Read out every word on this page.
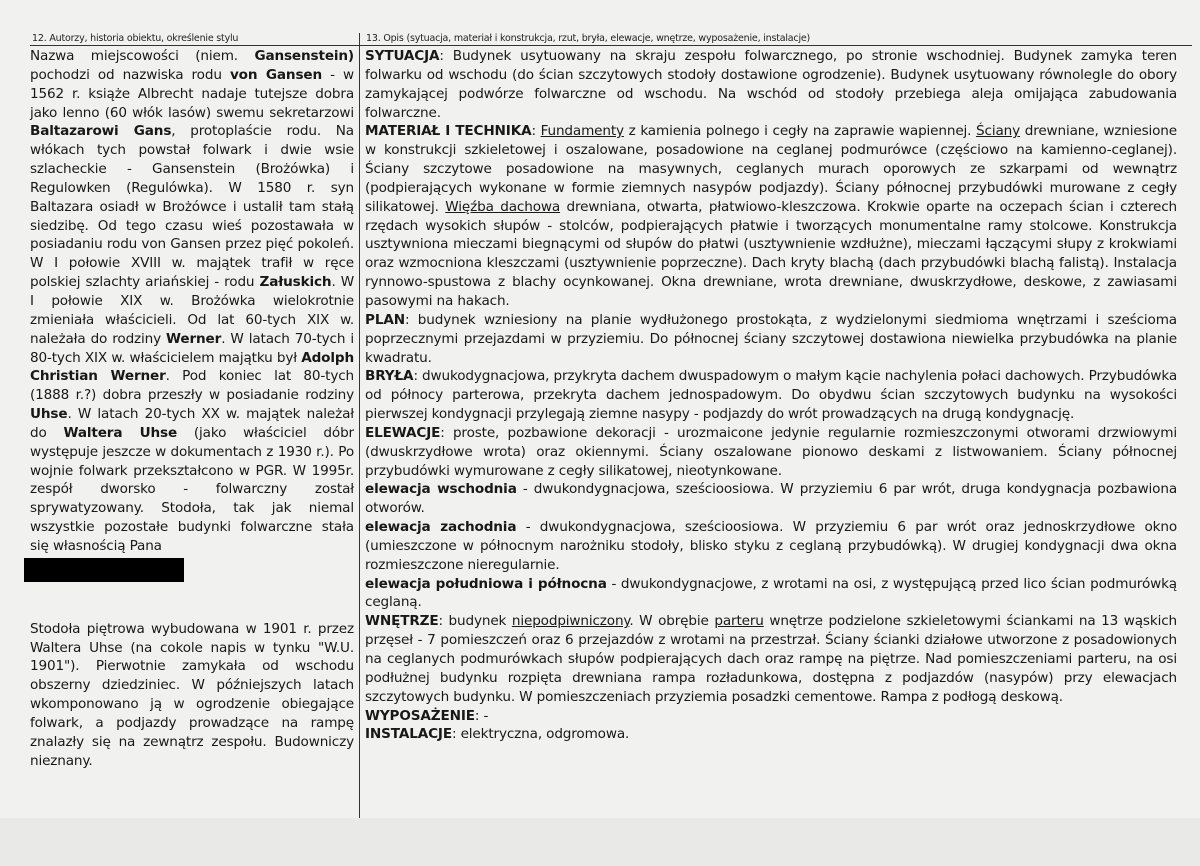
12. Autorzy, historia obiektu, określenie stylu	13. Opis (sytuacja, materiał i konstrukcja, rzut, bryła, elewacje, wnętrze, wyposażenie, instalacje)

Nazwa miejscowości (niem. Gansenstein) pochodzi od nazwiska rodu von Gansen - w 1562 r. książe Albrecht nadaje tutejsze dobra jako lenno (60 włók lasów) swemu sekretarzowi Baltazarowi Gans, protoplaście rodu. Na włókach tych powstał folwark i dwie wsie szlacheckie - Gansenstein (Brożówka) i Regulowken (Regulówka). W 1580 r. syn Baltazara osiadł w Brożówce i ustalił tam stałą siedzibę. Od tego czasu wieś pozostawała w posiadaniu rodu von Gansen przez pięć pokoleń. W I połowie XVIII w. majątek trafił w ręce polskiej szlachty ariańskiej - rodu Załuskich. W I połowie XIX w. Brożówka wielokrotnie zmieniała właścicieli. Od lat 60-tych XIX w. należała do rodziny Werner. W latach 70-tych i 80-tych XIX w. właścicielem majątku był Adolph Christian Werner. Pod koniec lat 80-tych (1888 r.?) dobra przeszły w posiadanie rodziny Uhse. W latach 20-tych XX w. majątek należał do Waltera Uhse (jako właściciel dóbr występuje jeszcze w dokumentach z 1930 r.). Po wojnie folwark przekształcono w PGR. W 1995r. zespół dworsko - folwarczny został sprywatyzowany. Stodoła, tak jak niemal wszystkie pozostałe budynki folwarczne stała się własnością Pana

Stodoła piętrowa wybudowana w 1901 r. przez Waltera Uhse (na cokole napis w tynku "W.U. 1901"). Pierwotnie zamykała od wschodu obszerny dziedziniec. W późniejszych latach wkomponowano ją w ogrodzenie obiegające folwark, a podjazdy prowadzące na rampę znalazły się na zewnątrz zespołu. Budowniczy nieznany.

SYTUACJA: Budynek usytuowany na skraju zespołu folwarcznego, po stronie wschodniej. Budynek zamyka teren folwarku od wschodu (do ścian szczytowych stodoły dostawione ogrodzenie). Budynek usytuowany równolegle do obory zamykającej podwórze folwarczne od wschodu. Na wschód od stodoły przebiega aleja omijająca zabudowania folwarczne.

MATERIAŁ I TECHNIKA: Fundamenty z kamienia polnego i cegły na zaprawie wapiennej. Ściany drewniane, wzniesione w konstrukcji szkieletowej i oszalowane, posadowione na ceglanej podmurówce (częściowo na kamienno-ceglanej). Ściany szczytowe posadowione na masywnych, ceglanych murach oporowych ze szkarpami od wewnątrz (podpierających wykonane w formie ziemnych nasypów podjazdy). Ściany północnej przybudówki murowane z cegły silikatowej. Więźba dachowa drewniana, otwarta, płatwiowo-kleszczowa. Krokwie oparte na oczepach ścian i czterech rzędach wysokich słupów - stolców, podpierających płatwie i tworzących monumentalne ramy stolcowe. Konstrukcja usztywniona mieczami biegnącymi od słupów do płatwi (usztywnienie wzdłużne), mieczami łączącymi słupy z krokwiami oraz wzmocniona kleszczami (usztywnienie poprzeczne). Dach kryty blachą (dach przybudówki blachą falistą). Instalacja rynnowo-spustowa z blachy ocynkowanej. Okna drewniane, wrota drewniane, dwuskrzydłowe, deskowe, z zawiasami pasowymi na hakach.

PLAN: budynek wzniesiony na planie wydłużonego prostokąta, z wydzielonymi siedmioma wnętrzami i sześcioma poprzecznymi przejazdami w przyziemiu. Do północnej ściany szczytowej dostawiona niewielka przybudówka na planie kwadratu.

BRYŁA: dwukodygnacjowa, przykryta dachem dwuspadowym o małym kącie nachylenia połaci dachowych. Przybudówka od północy parterowa, przekryta dachem jednospadowym. Do obydwu ścian szczytowych budynku na wysokości pierwszej kondygnacji przylegają ziemne nasypy - podjazdy do wrót prowadzących na drugą kondygnację.

ELEWACJE: proste, pozbawione dekoracji - urozmaicone jedynie regularnie rozmieszczonymi otworami drzwiowymi (dwuskrzydłowe wrota) oraz okiennymi. Ściany oszalowane pionowo deskami z listwowaniem. Ściany północnej przybudówki wymurowane z cegły silikatowej, nieotynkowane.

elewacja wschodnia - dwukondygnacjowa, sześcioosiowa. W przyziemiu 6 par wrót, druga kondygnacja pozbawiona otworów.

elewacja zachodnia - dwukondygnacjowa, sześcioosiowa. W przyziemiu 6 par wrót oraz jednoskrzydłowe okno (umieszczone w północnym narożniku stodoły, blisko styku z ceglaną przybudówką). W drugiej kondygnacji dwa okna rozmieszczone nieregularnie.

elewacja południowa i północna - dwukondygnacjowe, z wrotami na osi, z występującą przed lico ścian podmurówką ceglaną.

WNĘTRZE: budynek niepodpiwniczony. W obrębie parteru wnętrze podzielone szkieletowymi ściankami na 13 wąskich przęseł - 7 pomieszczeń oraz 6 przejazdów z wrotami na przestrzał. Ściany ścianki działowe utworzone z posadowionych na ceglanych podmurówkach słupów podpierających dach oraz rampę na piętrze. Nad pomieszczeniami parteru, na osi podłużnej budynku rozpięta drewniana rampa rozładunkowa, dostępna z podjazdów (nasypów) przy elewacjach szczytowych budynku. W pomieszczeniach przyziemia posadzki cementowe. Rampa z podłogą deskową.

WYPOSAŻENIE: -

INSTALACJE: elektryczna, odgromowa.
